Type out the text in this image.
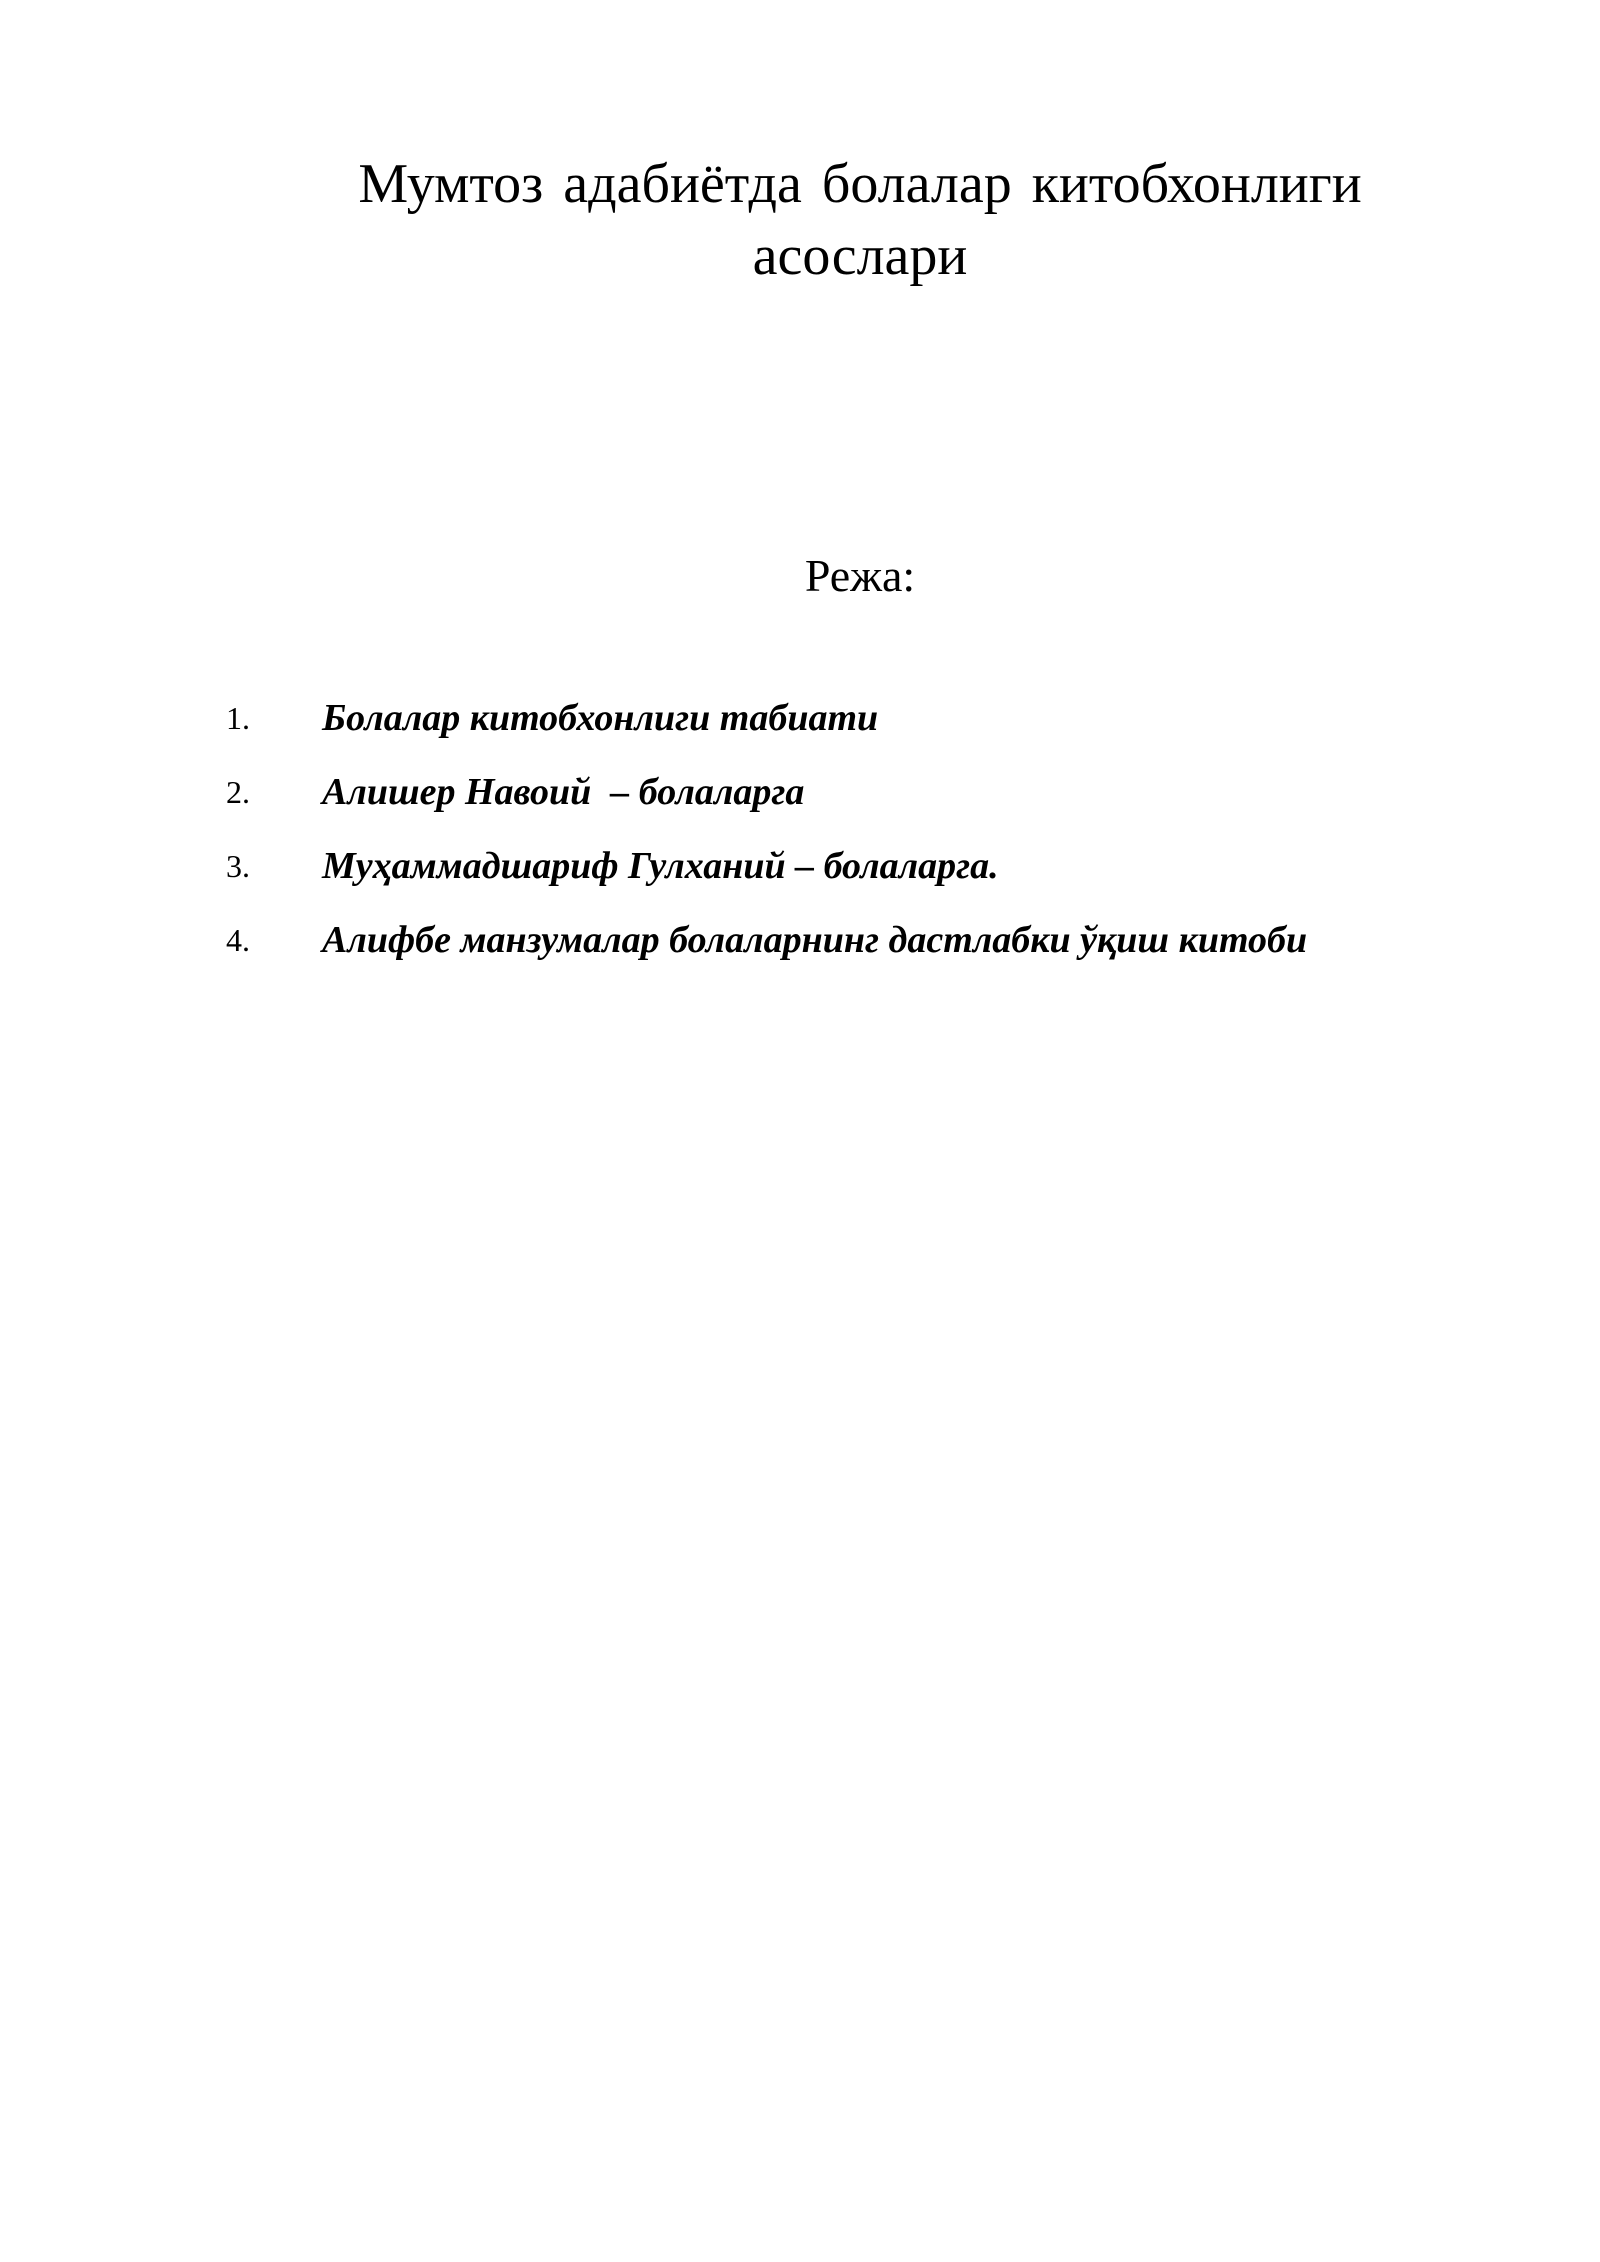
Мумтоз адабиётда болалар китобхонлиги
асослари
Режа:
1.	Болалар китобхонлиги табиати
2.	Алишер Навоий  – болаларга
3.	Муҳаммадшариф Гулханий – болаларга.
4.	Алифбе манзумалар болаларнинг дастлабки ўқиш китоби
